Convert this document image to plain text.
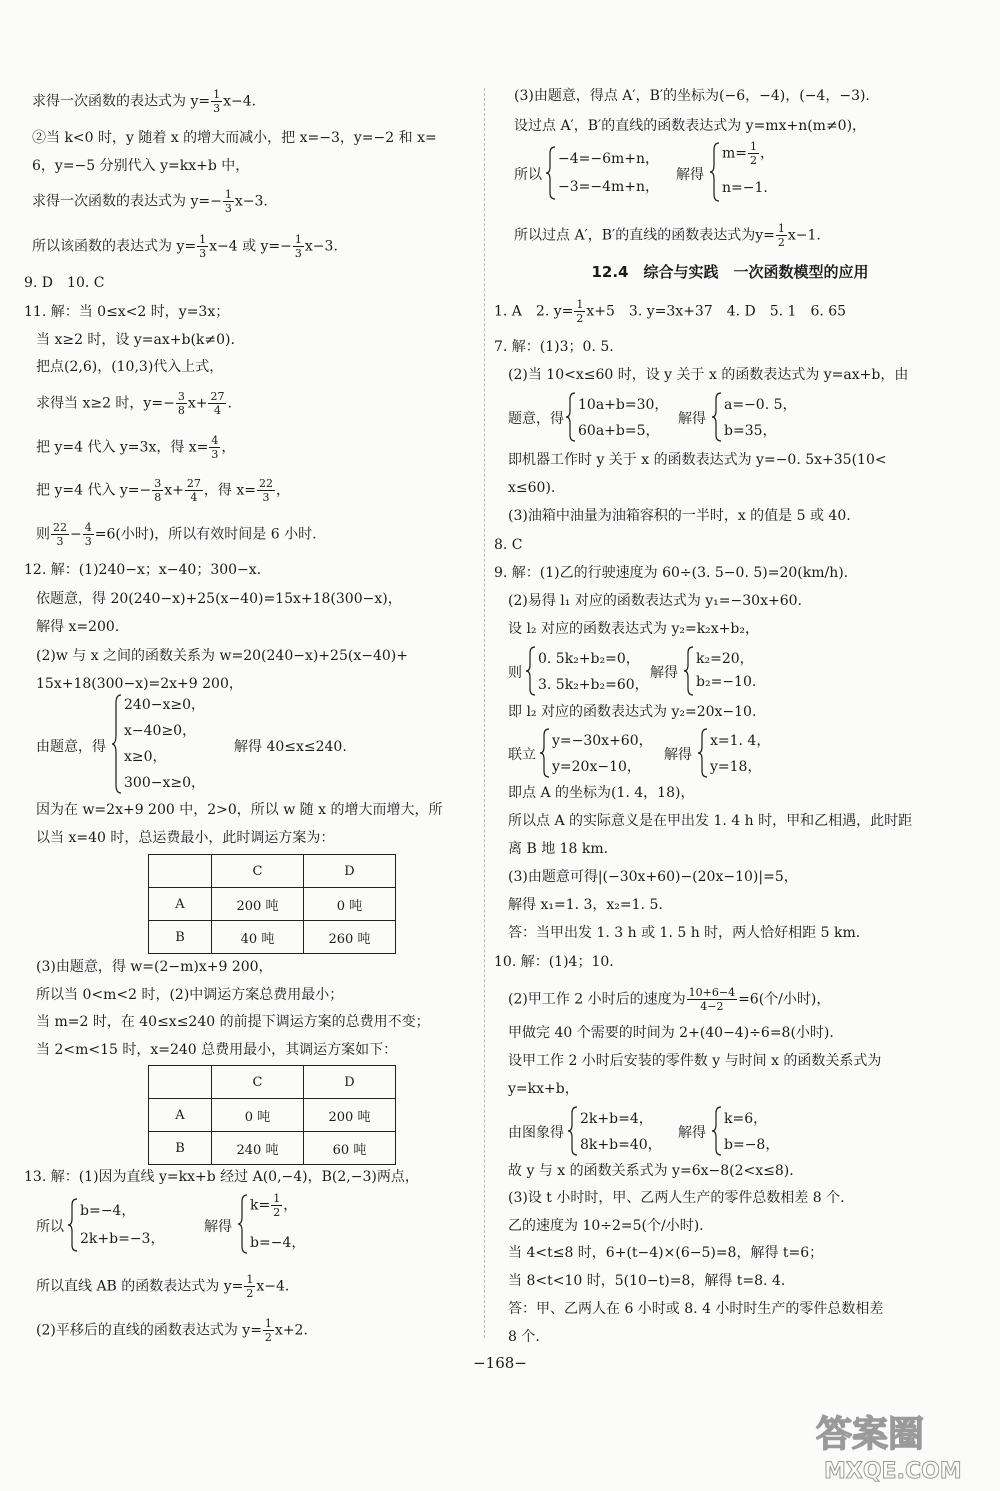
求得一次函数的表达式为 $y= \frac{1}{3} x-4$.
②当 k<0 时，y 随着 x 的增大而减小，把 x=−3，y=−2 和 x=
6，y=−5 分别代入 y=kx+b 中，
求得一次函数的表达式为 $y=- \frac{1}{3} x-3$.
所以该函数的表达式为 $y= \frac{1}{3} x-4$ 或 $y=- \frac{1}{3} x-3$.
9. D　10. C
11. 解：当 0≤x<2 时，y=3x；
当 x≥2 时，设 y=ax+b(k≠0).
把点(2,6)，(10,3)代入上式，
求得当 x≥2 时，$y=- \frac{3}{8} x+ \frac{27}{4}$ .
把 y=4 代入 y=3x，得 $x= \frac{4}{3}$ ，
把 y=4 代入 $y=- \frac{3}{8} x+ \frac{27}{4}$ ，得 $x= \frac{22}{3}$ ，
则 $\frac{22}{3} - \frac{4}{3} =6$(小时)，所以有效时间是 6 小时.
12. 解：(1)240−x；x−40；300−x.
依题意，得 20(240−x)+25(x−40)=15x+18(300−x)，
解得 x=200.
(2)w 与 x 之间的函数关系为 w=20(240−x)+25(x−40)+
15x+18(300−x)=2x+9 200，
由题意，得
240−x≥0，
x−40≥0，
x≥0，
300−x≥0，
解得 40≤x≤240.
因为在 w=2x+9 200 中，2>0，所以 w 随 x 的增大而增大，所
以当 x=40 时，总运费最小，此时调运方案为：
	C	D
A	200 吨	0 吨
B	40 吨	260 吨
(3)由题意，得 w=(2−m)x+9 200，
所以当 0<m<2 时，(2)中调运方案总费用最小；
当 m=2 时，在 40≤x≤240 的前提下调运方案的总费用不变；
当 2<m<15 时，x=240 总费用最小，其调运方案如下：
	C	D
A	0 吨	200 吨
B	240 吨	60 吨
13. 解：(1)因为直线 y=kx+b 经过 A(0,−4)，B(2,−3)两点，
所以
b=−4，
2k+b=−3，
解得
$k= \frac{1}{2}$ ，
b=−4，
所以直线 AB 的函数表达式为 $y= \frac{1}{2} x-4$.
(2)平移后的直线的函数表达式为 $y= \frac{1}{2} x+2$.
(3)由题意，得点 A′，B′的坐标为(−6，−4)，(−4，−3).
设过点 A′，B′的直线的函数表达式为 y=mx+n(m≠0)，
所以
−4=−6m+n，
−3=−4m+n，
解得
$m= \frac{1}{2}$ ，
n=−1.
所以过点 A′，B′的直线的函数表达式为$y= \frac{1}{2} x-1$.
12.4　综合与实践　一次函数模型的应用
1. A　2. $y= \frac{1}{2} x+5$　3. y=3x+37　4. D　5. 1　6. 65
7. 解：(1)3；0. 5.
(2)当 10<x≤60 时，设 y 关于 x 的函数表达式为 y=ax+b，由
题意，得
10a+b=30，
60a+b=5，
解得
a=−0. 5，
b=35，
即机器工作时 y 关于 x 的函数表达式为 y=−0. 5x+35(10<
x≤60).
(3)油箱中油量为油箱容积的一半时，x 的值是 5 或 40.
8. C
9. 解：(1)乙的行驶速度为 60÷(3. 5−0. 5)=20(km/h).
(2)易得 l₁ 对应的函数表达式为 y₁=−30x+60.
设 l₂ 对应的函数表达式为 y₂=k₂x+b₂，
则
0. 5k₂+b₂=0，
3. 5k₂+b₂=60，
解得
k₂=20，
b₂=−10.
即 l₂ 对应的函数表达式为 y₂=20x−10.
联立
y=−30x+60，
y=20x−10，
解得
x=1. 4，
y=18，
即点 A 的坐标为(1. 4，18)，
所以点 A 的实际意义是在甲出发 1. 4 h 时，甲和乙相遇，此时距
离 B 地 18 km.
(3)由题意可得|(−30x+60)−(20x−10)|=5，
解得 x₁=1. 3，x₂=1. 5.
答：当甲出发 1. 3 h 或 1. 5 h 时，两人恰好相距 5 km.
10. 解：(1)4；10.
(2)甲工作 2 小时后的速度为 $\frac{10+6-4}{4-2} =6$(个/小时)，
甲做完 40 个需要的时间为 2+(40−4)÷6=8(小时).
设甲工作 2 小时后安装的零件数 y 与时间 x 的函数关系式为
y=kx+b，
由图象得
2k+b=4，
8k+b=40，
解得
k=6，
b=−8，
故 y 与 x 的函数关系式为 y=6x−8(2<x≤8).
(3)设 t 小时时，甲、乙两人生产的零件总数相差 8 个.
乙的速度为 10÷2=5(个/小时).
当 4<t≤8 时，6+(t−4)×(6−5)=8，解得 t=6；
当 8<t<10 时，5(10−t)=8，解得 t=8. 4.
答：甲、乙两人在 6 小时或 8. 4 小时时生产的零件总数相差
8 个.
−168−
答案圈
MXQE.COM
